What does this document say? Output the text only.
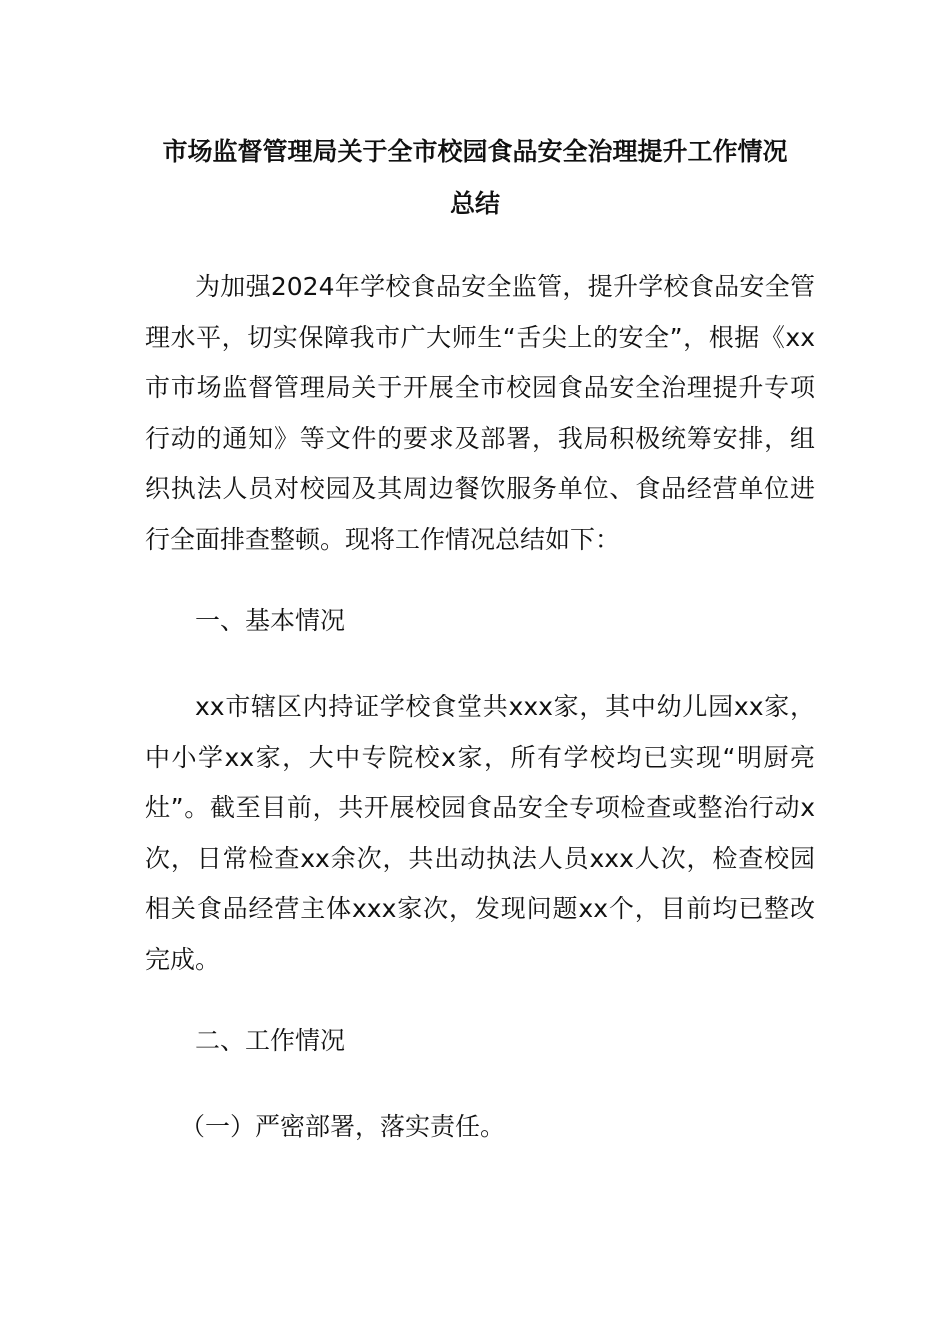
市场监督管理局关于全市校园食品安全治理提升工作情况
总结

为加强2024年学校食品安全监管，提升学校食品安全管理水平，切实保障我市广大师生“舌尖上的安全”，根据《xx市市场监督管理局关于开展全市校园食品安全治理提升专项行动的通知》等文件的要求及部署，我局积极统筹安排，组织执法人员对校园及其周边餐饮服务单位、食品经营单位进行全面排查整顿。现将工作情况总结如下：

一、基本情况

xx市辖区内持证学校食堂共xxx家，其中幼儿园xx家，中小学xx家，大中专院校x家，所有学校均已实现“明厨亮灶”。截至目前，共开展校园食品安全专项检查或整治行动x次，日常检查xx余次，共出动执法人员xxx人次，检查校园相关食品经营主体xxx家次，发现问题xx个，目前均已整改完成。

二、工作情况

（一）严密部署，落实责任。
